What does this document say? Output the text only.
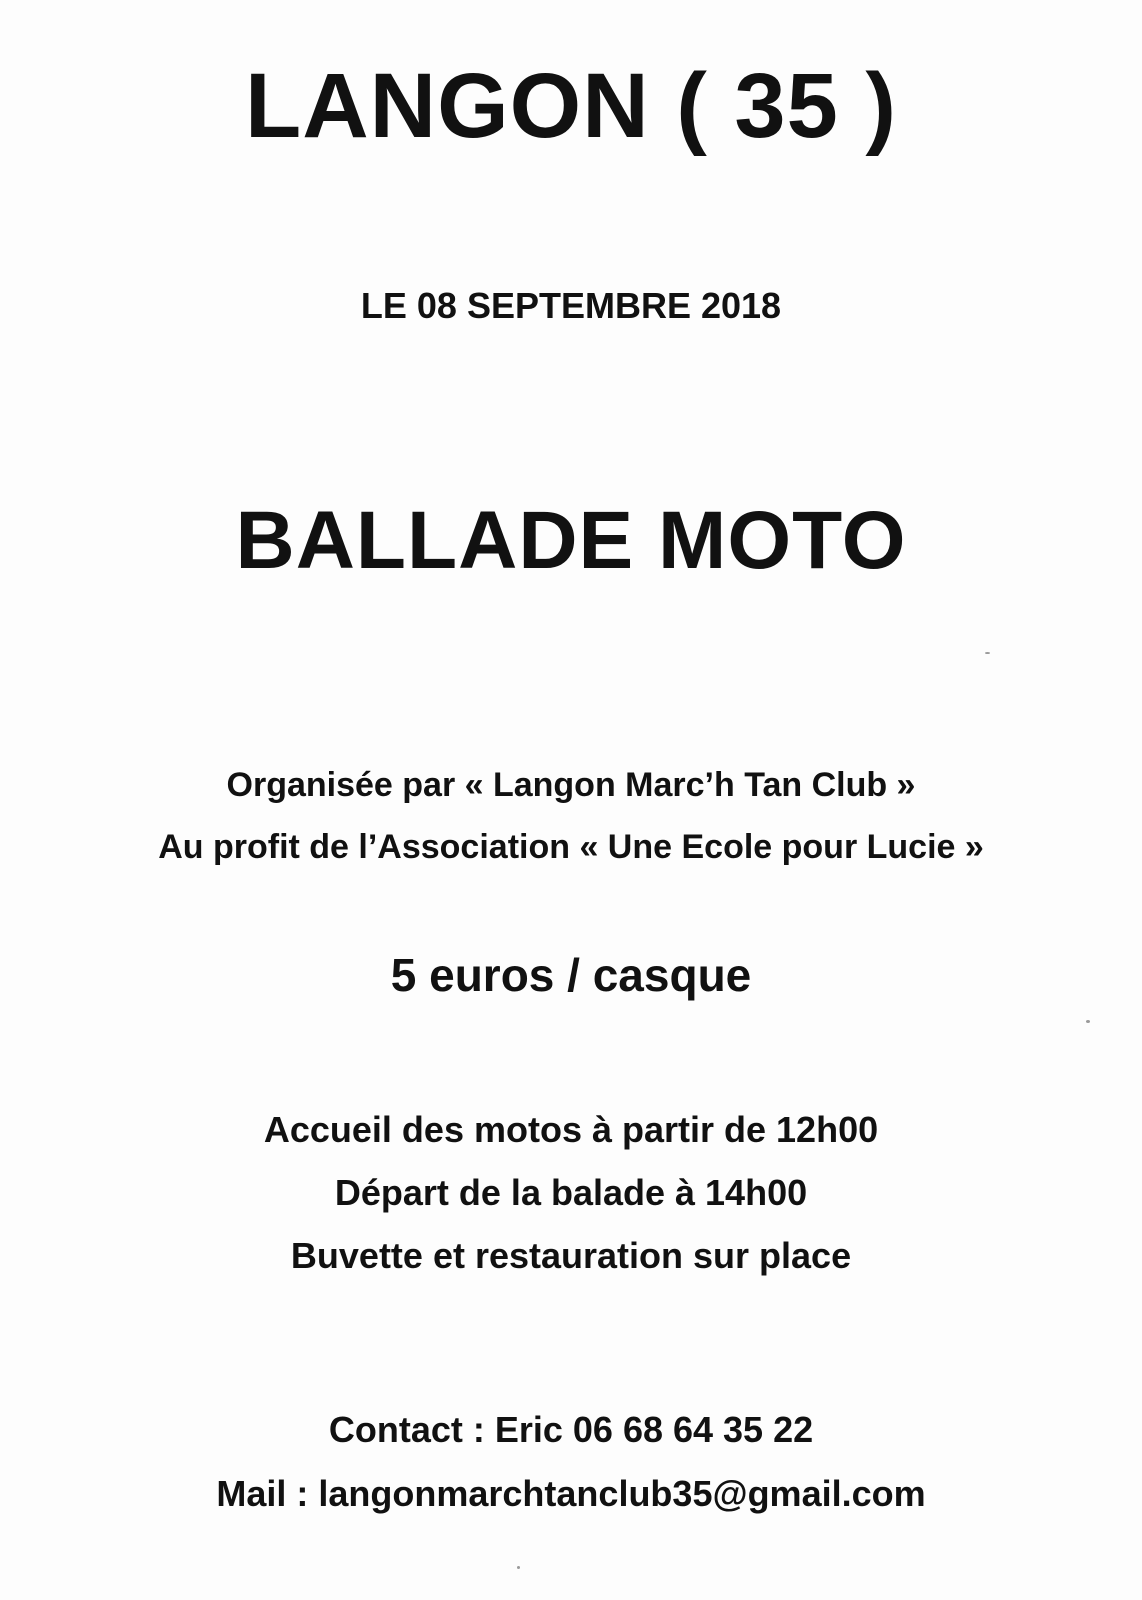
LANGON ( 35 )
LE 08 SEPTEMBRE 2018
BALLADE MOTO
Organisée par « Langon Marc’h Tan Club »
Au profit de l’Association « Une Ecole pour Lucie »
5 euros / casque
Accueil des motos à partir de 12h00
Départ de la balade à 14h00
Buvette et restauration sur place
Contact : Eric 06 68 64 35 22
Mail : langonmarchtanclub35@gmail.com
